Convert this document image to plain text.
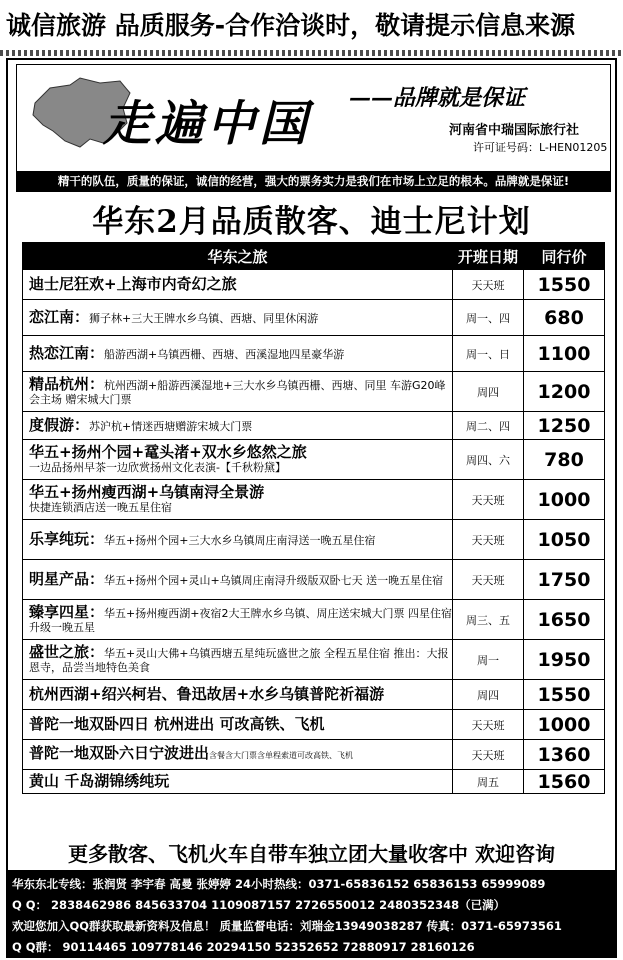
诚信旅游 品质服务-合作洽谈时，敬请提示信息来源
走遍中国 ——品牌就是保证
河南省中瑞国际旅行社
许可证号码：L-HEN01205
精干的队伍，质量的保证，诚信的经营，强大的票务实力是我们在市场上立足的根本。品牌就是保证!
华东2月品质散客、迪士尼计划
华东之旅	开班日期	同行价
迪士尼狂欢+上海市内奇幻之旅	天天班	1550
恋江南：狮子林+三大王牌水乡乌镇、西塘、同里休闲游	周一、四	680
热恋江南：船游西湖+乌镇西栅、西塘、西溪湿地四星豪华游	周一、日	1100
精品杭州：杭州西湖+船游西溪湿地+三大水乡乌镇西栅、西塘、同里 车游G20峰会主场 赠宋城大门票	周四	1200
度假游：苏沪杭+情迷西塘赠游宋城大门票	周二、四	1250
华五+扬州个园+鼋头渚+双水乡悠然之旅
一边品扬州早茶一边欣赏扬州文化表演-【千秋粉黛】	周四、六	780
华五+扬州瘦西湖+乌镇南浔全景游
快捷连锁酒店送一晚五星住宿	天天班	1000
乐享纯玩：华五+扬州个园+三大水乡乌镇周庄南浔送一晚五星住宿	天天班	1050
明星产品：华五+扬州个园+灵山+乌镇周庄南浔升级版双卧七天 送一晚五星住宿	天天班	1750
臻享四星：华五+扬州瘦西湖+夜宿2大王牌水乡乌镇、周庄送宋城大门票 四星住宿升级一晚五星	周三、五	1650
盛世之旅：华五+灵山大佛+乌镇西塘五星纯玩盛世之旅 全程五星住宿 推出：大报恩寺，品尝当地特色美食	周一	1950
杭州西湖+绍兴柯岩、鲁迅故居+水乡乌镇普陀祈福游	周四	1550
普陀一地双卧四日 杭州进出 可改高铁、飞机	天天班	1000
普陀一地双卧六日宁波进出含餐含大门票含单程索道可改高铁、飞机	天天班	1360
黄山 千岛湖锦绣纯玩	周五	1560
更多散客、飞机火车自带车独立团大量收客中 欢迎咨询
华东东北专线：张润贤 李宇春 高曼 张婷婷 24小时热线：0371-65836152 65836153 65999089
Q Q： 2838462986 845633704 1109087157 2726550012 2480352348（已满）
欢迎您加入QQ群获取最新资料及信息！ 质量监督电话：刘瑞金13949038287 传真：0371-65973561
Q Q群： 90114465 109778146 20294150 52352652 72880917 28160126
